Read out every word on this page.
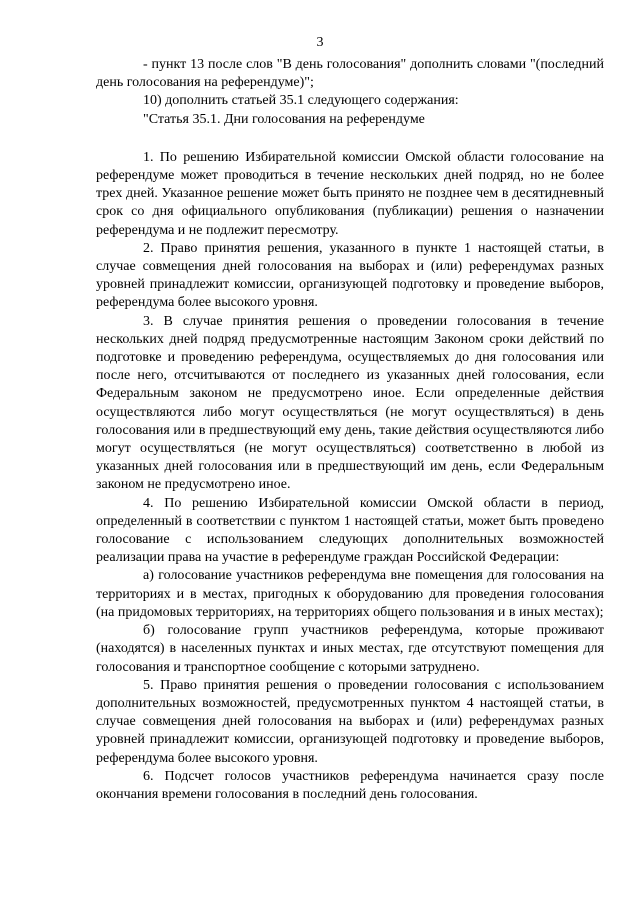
3

- пункт 13 после слов "В день голосования" дополнить словами "(последний день голосования на референдуме)";

10) дополнить статьей 35.1 следующего содержания:

"Статья 35.1. Дни голосования на референдуме

1. По решению Избирательной комиссии Омской области голосование на референдуме может проводиться в течение нескольких дней подряд, но не более трех дней. Указанное решение может быть принято не позднее чем в десятидневный срок со дня официального опубликования (публикации) решения о назначении референдума и не подлежит пересмотру.

2. Право принятия решения, указанного в пункте 1 настоящей статьи, в случае совмещения дней голосования на выборах и (или) референдумах разных уровней принадлежит комиссии, организующей подготовку и проведение выборов, референдума более высокого уровня.

3. В случае принятия решения о проведении голосования в течение нескольких дней подряд предусмотренные настоящим Законом сроки действий по подготовке и проведению референдума, осуществляемых до дня голосования или после него, отсчитываются от последнего из указанных дней голосования, если Федеральным законом не предусмотрено иное. Если определенные действия осуществляются либо могут осуществляться (не могут осуществляться) в день голосования или в предшествующий ему день, такие действия осуществляются либо могут осуществляться (не могут осуществляться) соответственно в любой из указанных дней голосования или в предшествующий им день, если Федеральным законом не предусмотрено иное.

4. По решению Избирательной комиссии Омской области в период, определенный в соответствии с пунктом 1 настоящей статьи, может быть проведено голосование с использованием следующих дополнительных возможностей реализации права на участие в референдуме граждан Российской Федерации:

а) голосование участников референдума вне помещения для голосования на территориях и в местах, пригодных к оборудованию для проведения голосования (на придомовых территориях, на территориях общего пользования и в иных местах);

б) голосование групп участников референдума, которые проживают (находятся) в населенных пунктах и иных местах, где отсутствуют помещения для голосования и транспортное сообщение с которыми затруднено.

5. Право принятия решения о проведении голосования с использованием дополнительных возможностей, предусмотренных пунктом 4 настоящей статьи, в случае совмещения дней голосования на выборах и (или) референдумах разных уровней принадлежит комиссии, организующей подготовку и проведение выборов, референдума более высокого уровня.

6. Подсчет голосов участников референдума начинается сразу после окончания времени голосования в последний день голосования.
